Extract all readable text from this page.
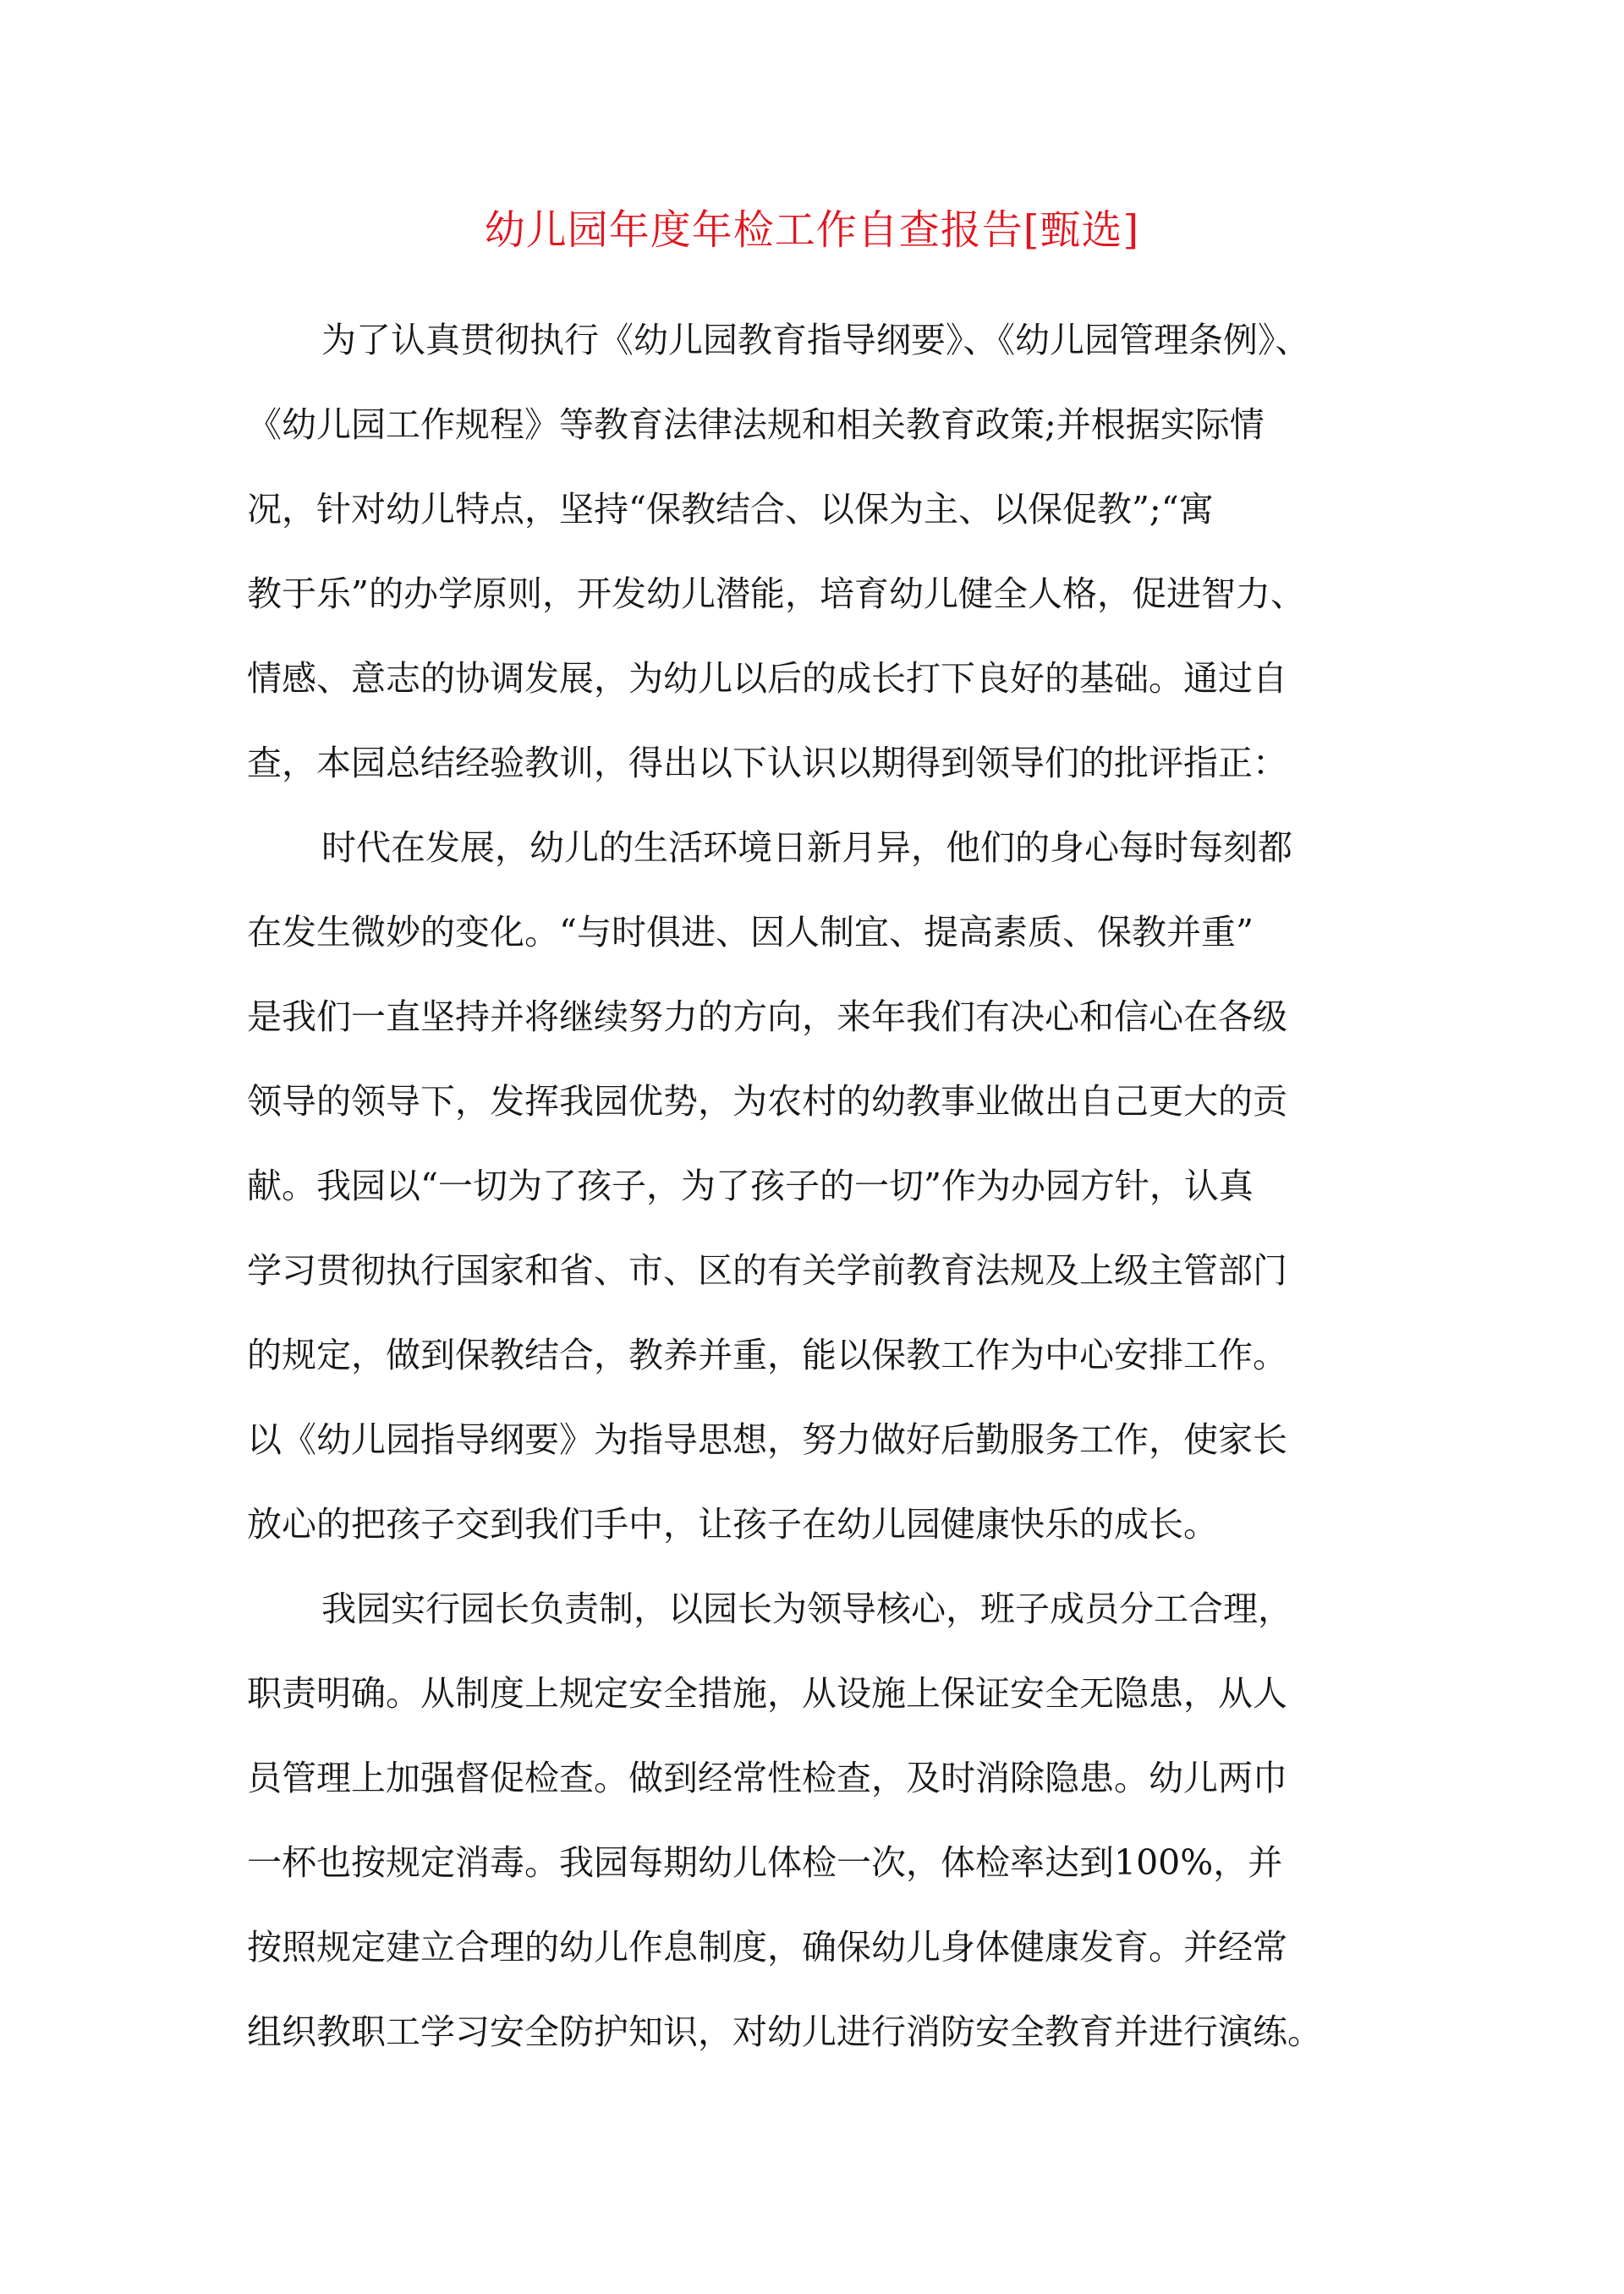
幼儿园年度年检工作自查报告[甄选]
为了认真贯彻执行《幼儿园教育指导纲要》、《幼儿园管理条例》、
《幼儿园工作规程》等教育法律法规和相关教育政策;并根据实际情
况，针对幼儿特点，坚持“保教结合、以保为主、以保促教”;“寓
教于乐”的办学原则，开发幼儿潜能，培育幼儿健全人格，促进智力、
情感、意志的协调发展，为幼儿以后的成长打下良好的基础。通过自
查，本园总结经验教训，得出以下认识以期得到领导们的批评指正：
时代在发展，幼儿的生活环境日新月异，他们的身心每时每刻都
在发生微妙的变化。“与时俱进、因人制宜、提高素质、保教并重”
是我们一直坚持并将继续努力的方向，来年我们有决心和信心在各级
领导的领导下，发挥我园优势，为农村的幼教事业做出自己更大的贡
献。我园以“一切为了孩子，为了孩子的一切”作为办园方针，认真
学习贯彻执行国家和省、市、区的有关学前教育法规及上级主管部门
的规定，做到保教结合，教养并重，能以保教工作为中心安排工作。
以《幼儿园指导纲要》为指导思想，努力做好后勤服务工作，使家长
放心的把孩子交到我们手中，让孩子在幼儿园健康快乐的成长。
我园实行园长负责制，以园长为领导核心，班子成员分工合理，
职责明确。从制度上规定安全措施，从设施上保证安全无隐患，从人
员管理上加强督促检查。做到经常性检查，及时消除隐患。幼儿两巾
一杯也按规定消毒。我园每期幼儿体检一次，体检率达到100%，并
按照规定建立合理的幼儿作息制度，确保幼儿身体健康发育。并经常
组织教职工学习安全防护知识，对幼儿进行消防安全教育并进行演练。
